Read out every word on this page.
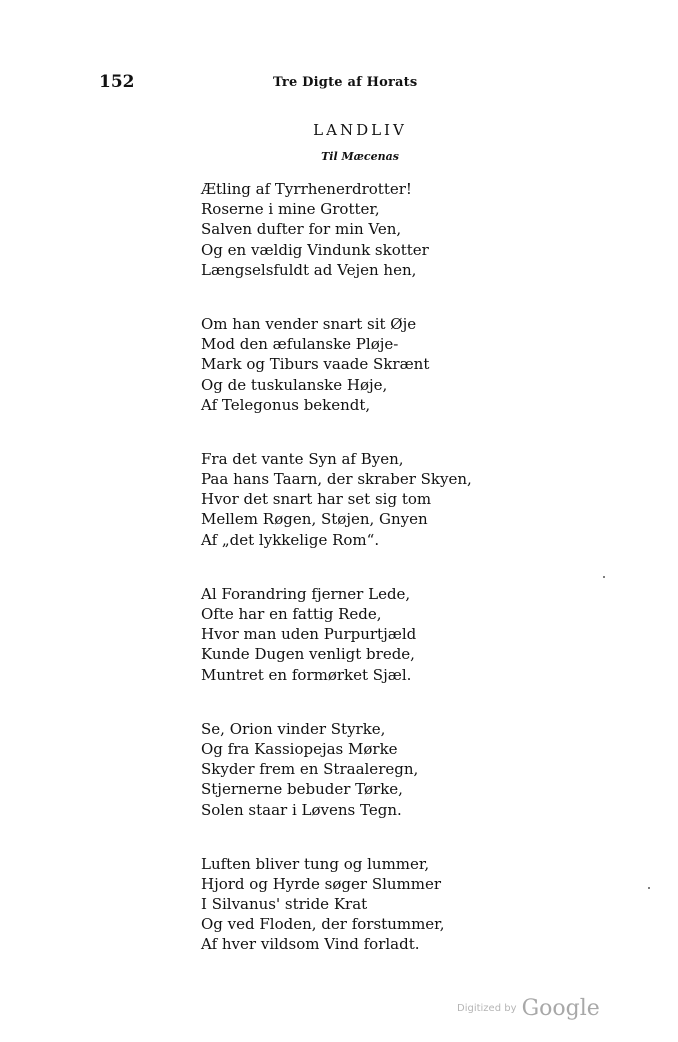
152	Tre Digte af Horats
LANDLIV
Til Mæcenas
Ætling af Tyrrhenerdrotter!
Roserne i mine Grotter,
Salven dufter for min Ven,
Og en vældig Vindunk skotter
Længselsfuldt ad Vejen hen,
Om han vender snart sit Øje
Mod den æfulanske Pløje-
Mark og Tiburs vaade Skrænt
Og de tuskulanske Høje,
Af Telegonus bekendt,
Fra det vante Syn af Byen,
Paa hans Taarn, der skraber Skyen,
Hvor det snart har set sig tom
Mellem Røgen, Støjen, Gnyen
Af „det lykkelige Rom“.
Al Forandring fjerner Lede,
Ofte har en fattig Rede,
Hvor man uden Purpurtjæld
Kunde Dugen venligt brede,
Muntret en formørket Sjæl.
Se, Orion vinder Styrke,
Og fra Kassiopejas Mørke
Skyder frem en Straaleregn,
Stjernerne bebuder Tørke,
Solen staar i Løvens Tegn.
Luften bliver tung og lummer,
Hjord og Hyrde søger Slummer
I Silvanus' stride Krat
Og ved Floden, der forstummer,
Af hver vildsom Vind forladt.
Digitized by Google
